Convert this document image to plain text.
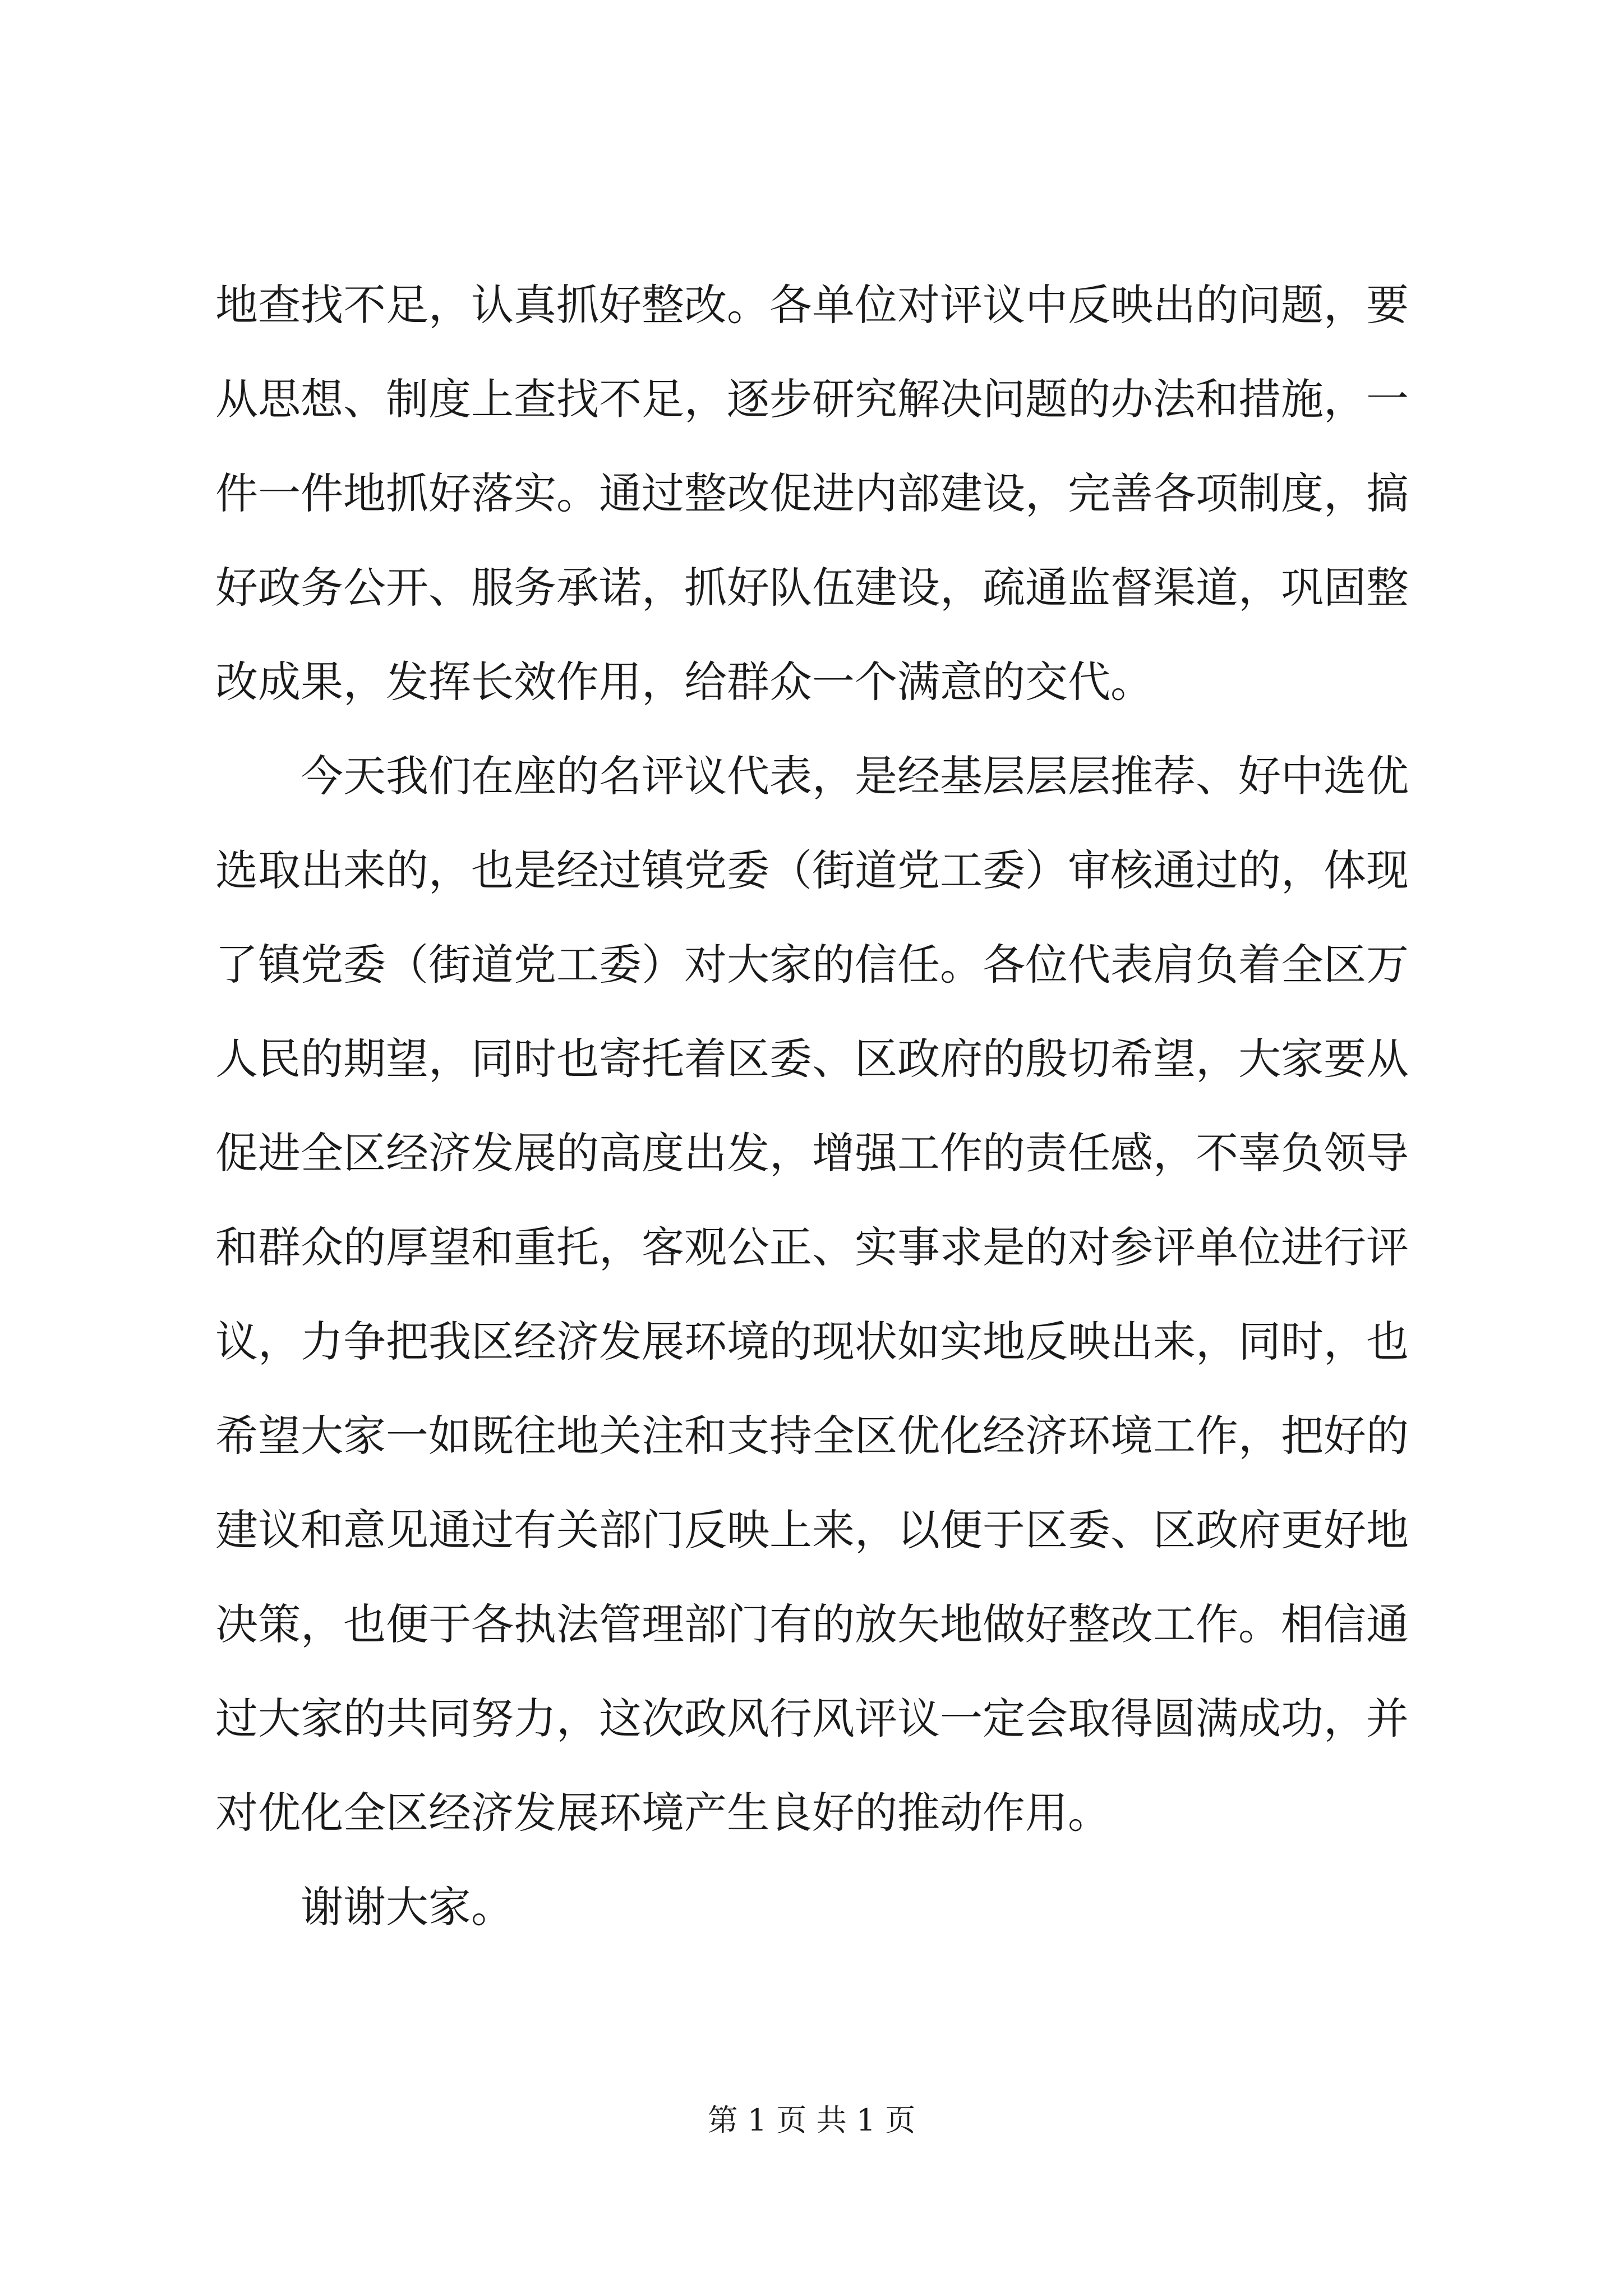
地查找不足，认真抓好整改。各单位对评议中反映出的问题，要
从思想、制度上查找不足，逐步研究解决问题的办法和措施，一
件一件地抓好落实。通过整改促进内部建设，完善各项制度，搞
好政务公开、服务承诺，抓好队伍建设，疏通监督渠道，巩固整
改成果，发挥长效作用，给群众一个满意的交代。
今天我们在座的名评议代表，是经基层层层推荐、好中选优
选取出来的，也是经过镇党委（街道党工委）审核通过的，体现
了镇党委（街道党工委）对大家的信任。各位代表肩负着全区万
人民的期望，同时也寄托着区委、区政府的殷切希望，大家要从
促进全区经济发展的高度出发，增强工作的责任感，不辜负领导
和群众的厚望和重托，客观公正、实事求是的对参评单位进行评
议，力争把我区经济发展环境的现状如实地反映出来，同时，也
希望大家一如既往地关注和支持全区优化经济环境工作，把好的
建议和意见通过有关部门反映上来，以便于区委、区政府更好地
决策，也便于各执法管理部门有的放矢地做好整改工作。相信通
过大家的共同努力，这次政风行风评议一定会取得圆满成功，并
对优化全区经济发展环境产生良好的推动作用。
谢谢大家。
第 1 页 共 1 页
